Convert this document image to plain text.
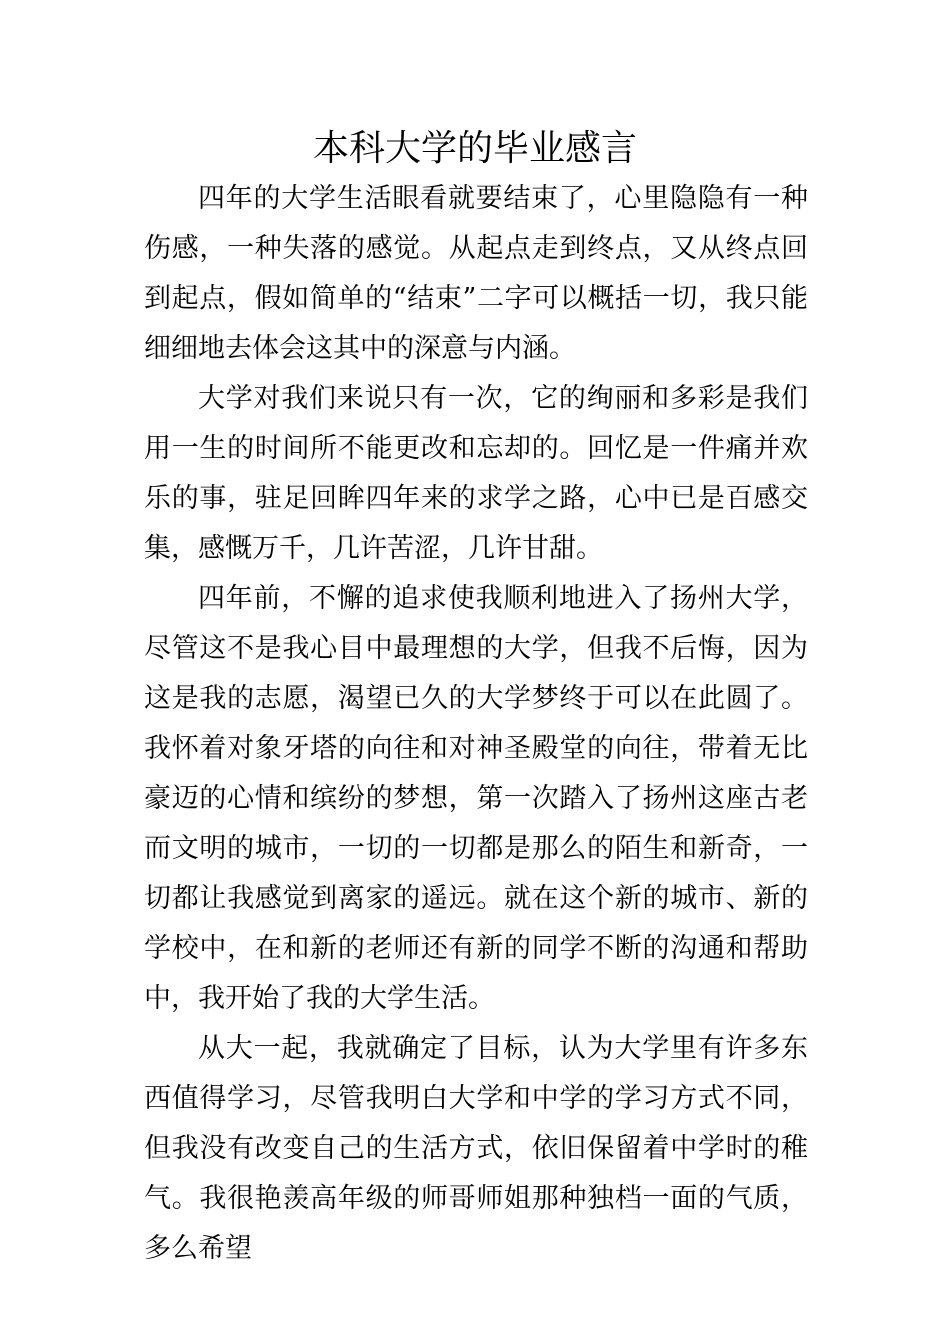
本科大学的毕业感言

四年的大学生活眼看就要结束了，心里隐隐有一种伤感，一种失落的感觉。从起点走到终点，又从终点回到起点，假如简单的“结束”二字可以概括一切，我只能细细地去体会这其中的深意与内涵。

大学对我们来说只有一次，它的绚丽和多彩是我们用一生的时间所不能更改和忘却的。回忆是一件痛并欢乐的事，驻足回眸四年来的求学之路，心中已是百感交集，感慨万千，几许苦涩，几许甘甜。

四年前，不懈的追求使我顺利地进入了扬州大学，尽管这不是我心目中最理想的大学，但我不后悔，因为这是我的志愿，渴望已久的大学梦终于可以在此圆了。我怀着对象牙塔的向往和对神圣殿堂的向往，带着无比豪迈的心情和缤纷的梦想，第一次踏入了扬州这座古老而文明的城市，一切的一切都是那么的陌生和新奇，一切都让我感觉到离家的遥远。就在这个新的城市、新的学校中，在和新的老师还有新的同学不断的沟通和帮助中，我开始了我的大学生活。

从大一起，我就确定了目标，认为大学里有许多东西值得学习，尽管我明白大学和中学的学习方式不同，但我没有改变自己的生活方式，依旧保留着中学时的稚气。我很艳羡高年级的师哥师姐那种独档一面的气质，多么希望
